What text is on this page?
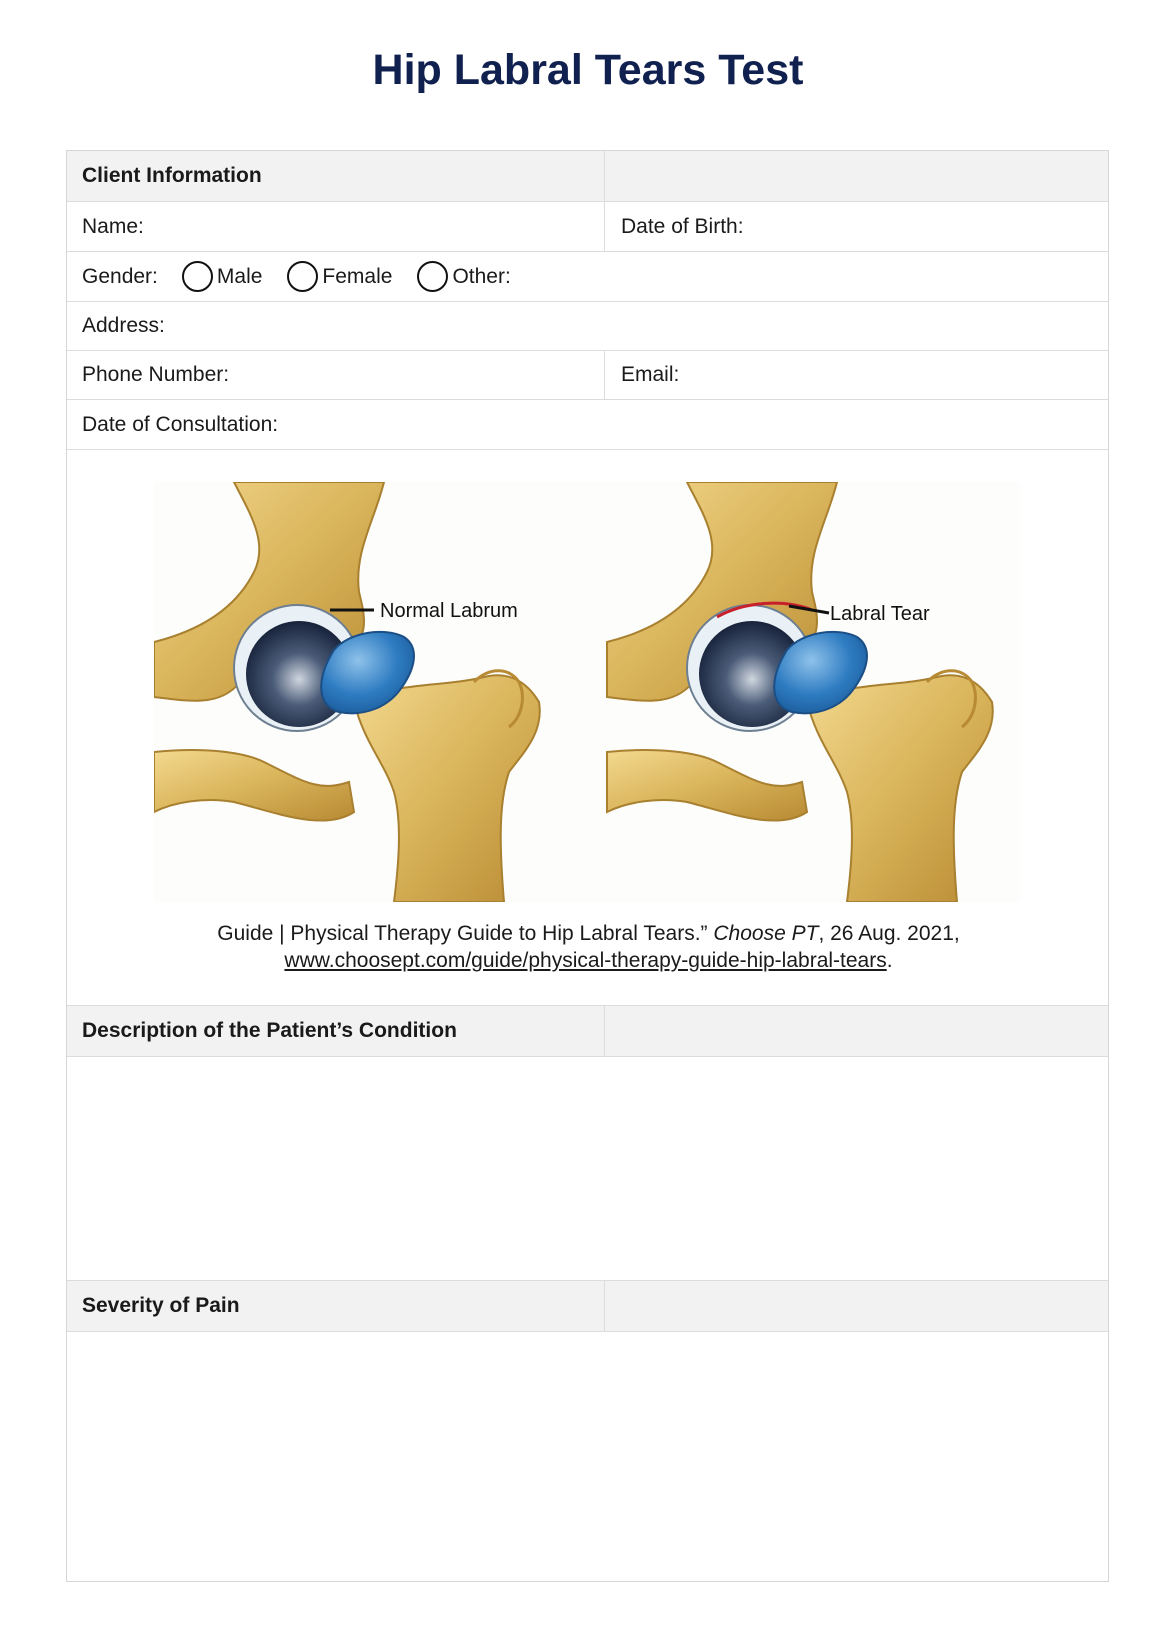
Hip Labral Tears Test
Client Information
Name:	Date of Birth:
Gender:	Male	Female	Other:
Address:
Phone Number:	Email:
Date of Consultation:
Normal Labrum	Labral Tear
Guide | Physical Therapy Guide to Hip Labral Tears.” Choose PT, 26 Aug. 2021,
www.choosept.com/guide/physical-therapy-guide-hip-labral-tears.
Description of the Patient’s Condition
Severity of Pain
